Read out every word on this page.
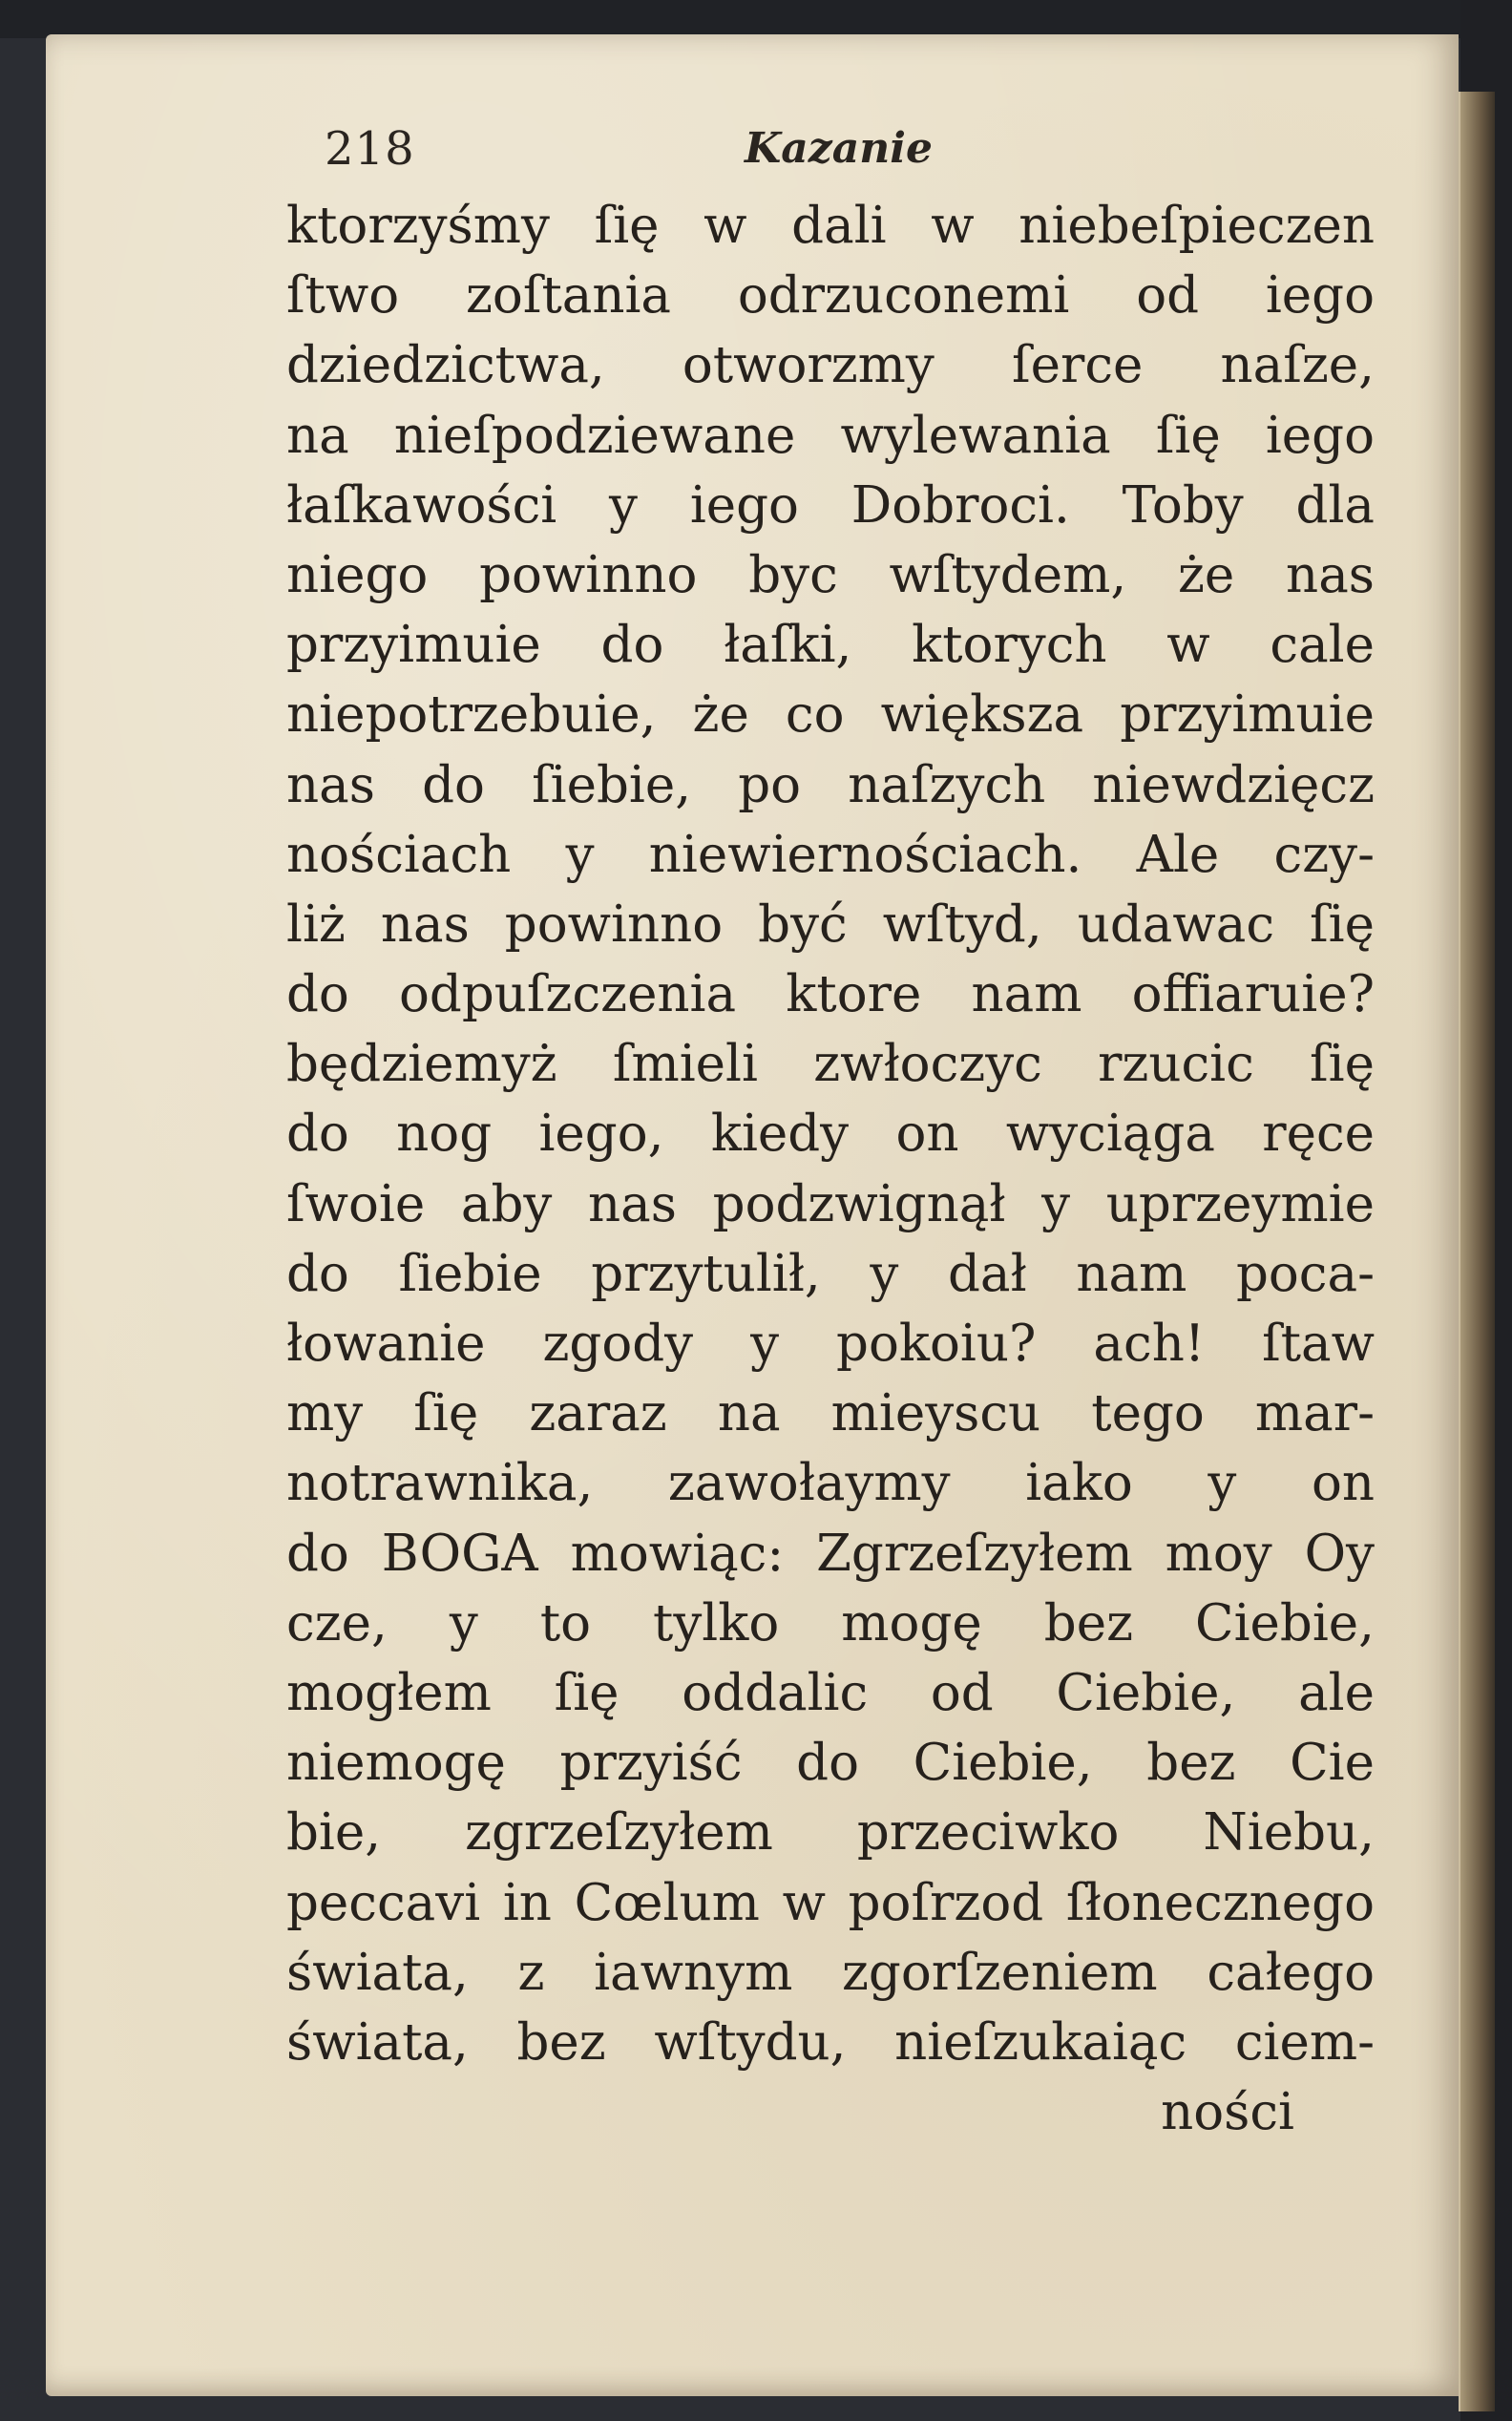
218	Kazanie
ktorzyśmy ſię w dali w niebeſpieczen
ſtwo zoſtania odrzuconemi od iego
dziedzictwa, otworzmy ſerce naſze,
na nieſpodziewane wylewania ſię iego
łaſkawości y iego Dobroci. Toby dla
niego powinno byc wſtydem, że nas
przyimuie do łaſki, ktorych w cale
niepotrzebuie, że co większa przyimuie
nas do ſiebie, po naſzych niewdzięcz
nościach y niewiernościach. Ale czy-
liż nas powinno być wſtyd, udawac ſię
do odpuſzczenia ktore nam offiaruie?
będziemyż ſmieli zwłoczyc rzucic ſię
do nog iego, kiedy on wyciąga ręce
ſwoie aby nas podzwignął y uprzeymie
do ſiebie przytulił, y dał nam poca-
łowanie zgody y pokoiu? ach! ſtaw
my ſię zaraz na mieyscu tego mar-
notrawnika, zawołaymy iako y on
do BOGA mowiąc: Zgrzeſzyłem moy Oy
cze, y to tylko mogę bez Ciebie,
mogłem ſię oddalic od Ciebie, ale
niemogę przyiść do Ciebie, bez Cie
bie, zgrzeſzyłem przeciwko Niebu,
peccavi in Cœlum w poſrzod ſłonecznego
świata, z iawnym zgorſzeniem całego
świata, bez wſtydu, nieſzukaiąc ciem-
ności
